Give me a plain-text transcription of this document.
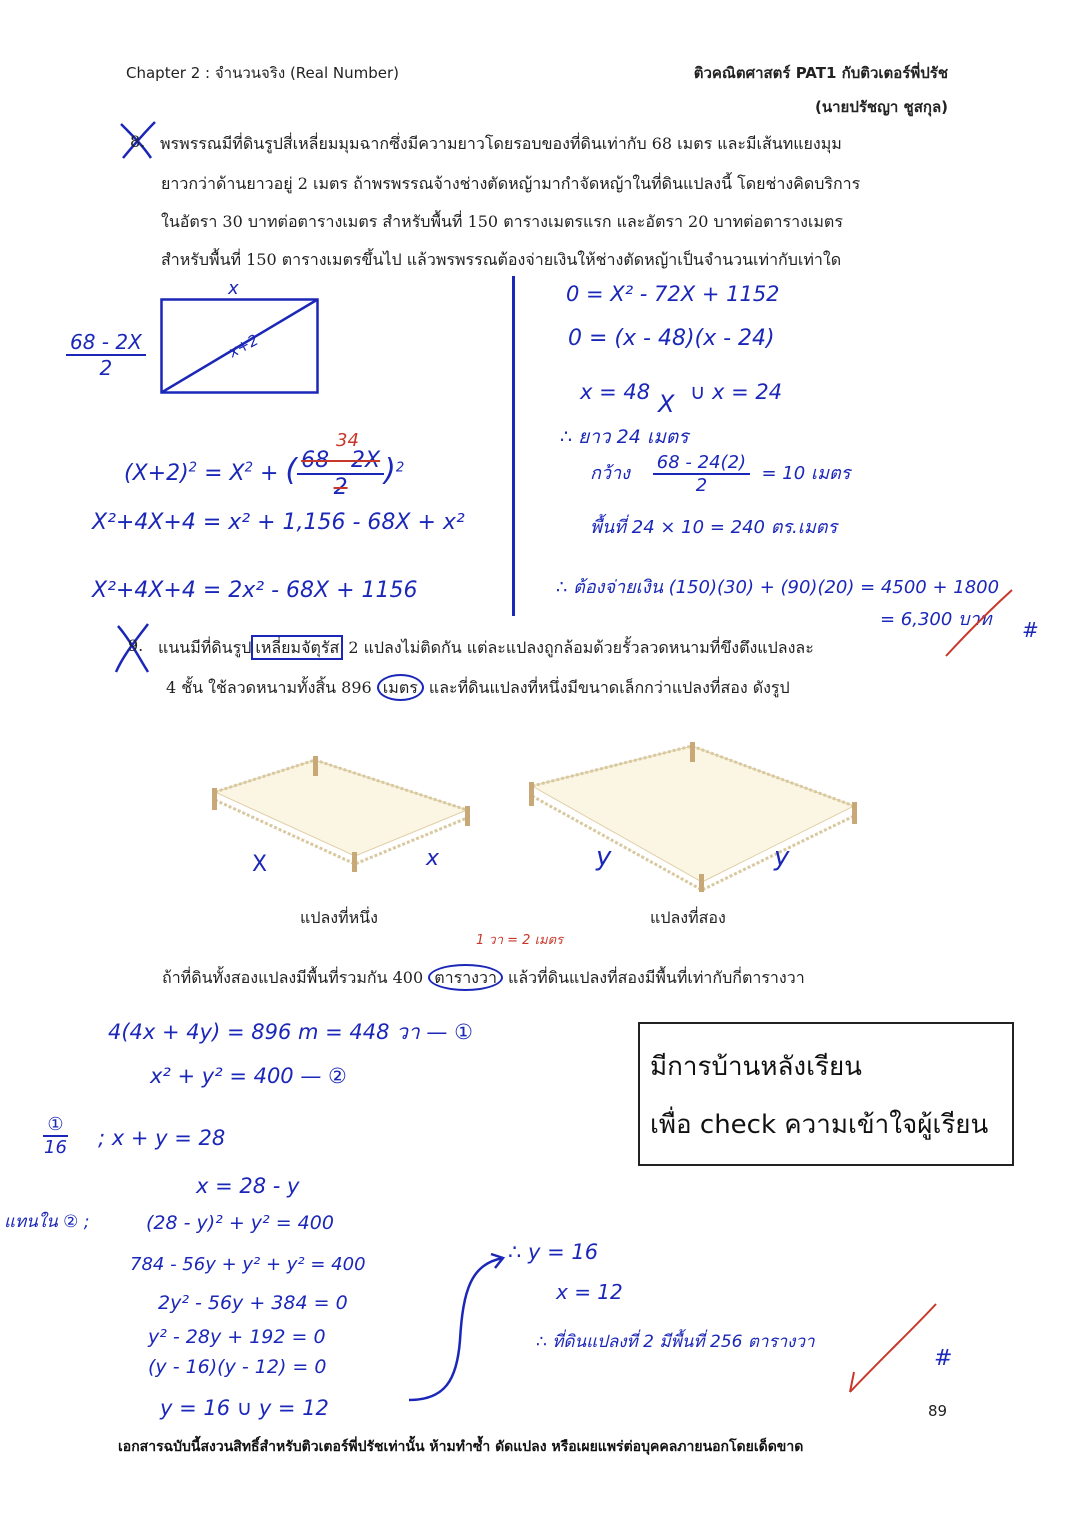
Chapter 2 : จำนวนจริง (Real Number)	ติวคณิตศาสตร์ PAT1 กับติวเตอร์พี่ปรัช
(นายปรัชญา ชูสกุล)
8. พรพรรณมีที่ดินรูปสี่เหลี่ยมมุมฉากซึ่งมีความยาวโดยรอบของที่ดินเท่ากับ 68 เมตร และมีเส้นทแยงมุม
ยาวกว่าด้านยาวอยู่ 2 เมตร ถ้าพรพรรณจ้างช่างตัดหญ้ามากำจัดหญ้าในที่ดินแปลงนี้ โดยช่างคิดบริการ
ในอัตรา 30 บาทต่อตารางเมตร สำหรับพื้นที่ 150 ตารางเมตรแรก และอัตรา 20 บาทต่อตารางเมตร
สำหรับพื้นที่ 150 ตารางเมตรขึ้นไป แล้วพรพรรณต้องจ่ายเงินให้ช่างตัดหญ้าเป็นจำนวนเท่ากับเท่าใด
x
x+2
$\frac{68 - 2X}{2}$
$(X+2)^2 = X^2$ + ( $\frac{68 - 2X}{2} )^2$
34
X²+4X+4 = x² + 1,156 - 68X + x²
X²+4X+4 = 2x² - 68X + 1156
0 = X² - 72X + 1152
0 = (x - 48)(x - 24)
x = 48 X ∪ x = 24
∴ ยาว 24 เมตร
กว้าง $\frac{68 - 24(2)}{2} = 10$ เมตร
พื้นที่ 24 × 10 = 240 ตร.เมตร
∴ ต้องจ่ายเงิน (150)(30) + (90)(20) = 4500 + 1800
= 6,300 บาท #
9. แนนมีที่ดินรูป เหลี่ยมจัตุรัส 2 แปลงไม่ติดกัน แต่ละแปลงถูกล้อมด้วยรั้วลวดหนามที่ขึงตึงแปลงละ
4 ชั้น ใช้ลวดหนามทั้งสิ้น 896 เมตร และที่ดินแปลงที่หนึ่งมีขนาดเล็กกว่าแปลงที่สอง ดังรูป
X	x
แปลงที่หนึ่ง
y	y
แปลงที่สอง
1 วา = 2 เมตร
ถ้าที่ดินทั้งสองแปลงมีพื้นที่รวมกัน 400 ตารางวา แล้วที่ดินแปลงที่สองมีพื้นที่เท่ากับกี่ตารางวา
4(4x + 4y) = 896 m = 448 วา — ①
x² + y² = 400 — ②
$\frac{\text{①}}{16}$ ; x + y = 28
x = 28 - y
แทนใน ② ;	(28 - y)² + y² = 400
784 - 56y + y² + y² = 400
2y² - 56y + 384 = 0
y² - 28y + 192 = 0
(y - 16)(y - 12) = 0
y = 16 ∪ y = 12
∴ y = 16
x = 12
∴ ที่ดินแปลงที่ 2 มีพื้นที่ 256 ตารางวา
#
มีการบ้านหลังเรียน
เพื่อ check ความเข้าใจผู้เรียน
89
เอกสารฉบับนี้สงวนสิทธิ์สำหรับติวเตอร์พี่ปรัชเท่านั้น ห้ามทำซ้ำ ดัดแปลง หรือเผยแพร่ต่อบุคคลภายนอกโดยเด็ดขาด
